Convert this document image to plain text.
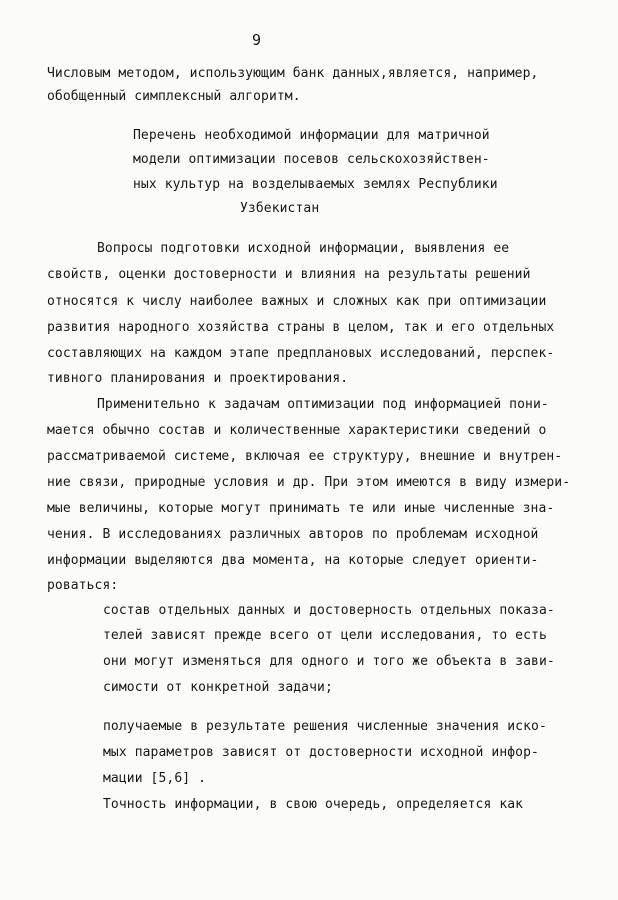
9
Числовым методом, использующим банк данных,является, например,
обобщенный симплексный алгоритм.
Перечень необходимой информации для матричной
модели оптимизации посевов сельскохозяйствен-
ных культур на возделываемых землях Республики
Узбекистан
Вопросы подготовки исходной информации, выявления ее
свойств, оценки достоверности и влияния на результаты решений
относятся к числу наиболее важных и сложных как при оптимизации
развития народного хозяйства страны в целом, так и его отдельных
составляющих на каждом этапе предплановых исследований, перспек-
тивного планирования и проектирования.
Применительно к задачам оптимизации под информацией пони-
мается обычно состав и количественные характеристики сведений о
рассматриваемой системе, включая ее структуру, внешние и внутрен-
ние связи, природные условия и др. При этом имеются в виду измери-
мые величины, которые могут принимать те или иные численные зна-
чения. В исследованиях различных авторов по проблемам исходной
информации выделяются два момента, на которые следует ориенти-
роваться:
состав отдельных данных и достоверность отдельных показа-
телей зависят прежде всего от цели исследования, то есть
они могут изменяться для одного и того же объекта в зави-
симости от конкретной задачи;
получаемые в результате решения численные значения иско-
мых параметров зависят от достоверности исходной инфор-
мации [5,6] .
Точность информации, в свою очередь, определяется как
